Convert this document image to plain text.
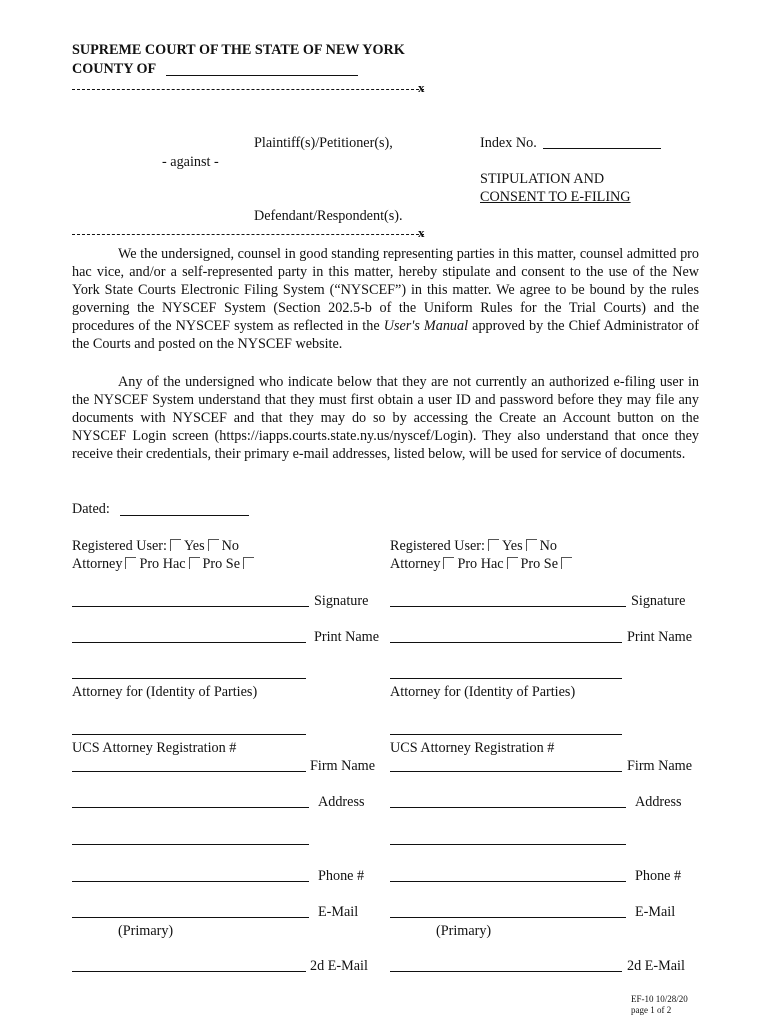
SUPREME COURT OF THE STATE OF NEW YORK
COUNTY OF
x
Plaintiff(s)/Petitioner(s),	Index No.
- against -
STIPULATION AND
CONSENT TO E-FILING
Defendant/Respondent(s).
x
We the undersigned, counsel in good standing representing parties in this matter, counsel admitted pro hac vice, and/or a self-represented party in this matter, hereby stipulate and consent to the use of the New York State Courts Electronic Filing System (“NYSCEF”) in this matter. We agree to be bound by the rules governing the NYSCEF System (Section 202.5-b of the Uniform Rules for the Trial Courts) and the procedures of the NYSCEF system as reflected in the User's Manual approved by the Chief Administrator of the Courts and posted on the NYSCEF website.
Any of the undersigned who indicate below that they are not currently an authorized e-filing user in the NYSCEF System understand that they must first obtain a user ID and password before they may file any documents with NYSCEF and that they may do so by accessing the Create an Account button on the NYSCEF Login screen (https://iapps.courts.state.ny.us/nyscef/Login). They also understand that once they receive their credentials, their primary e-mail addresses, listed below, will be used for service of documents.
Dated:
Registered User: Yes No
Attorney Pro Hac Pro Se
Registered User: Yes No
Attorney Pro Hac Pro Se
Signature	Signature
Print Name	Print Name
Attorney for (Identity of Parties)	Attorney for (Identity of Parties)
UCS Attorney Registration #	UCS Attorney Registration #
Firm Name	Firm Name
Address	Address
Phone #	Phone #
E-Mail	E-Mail
(Primary)	(Primary)
2d E-Mail	2d E-Mail
EF-10 10/28/20
page 1 of 2
